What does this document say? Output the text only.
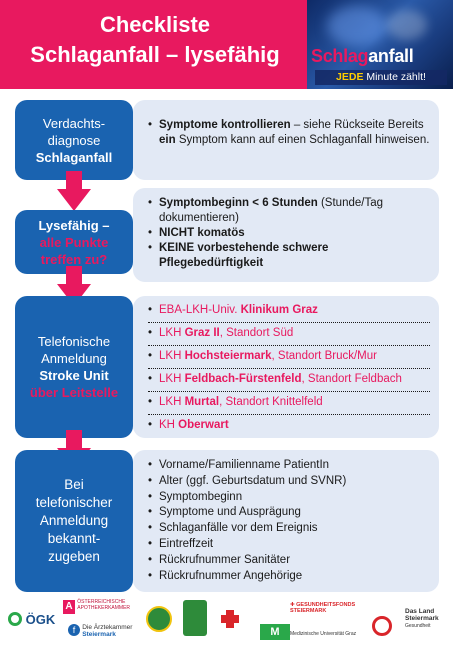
Checkliste
Schlaganfall – lysefähig	Schlaganfall
JEDE Minute zählt!
Verdachts-
diagnose
Schlaganfall
• Symptome kontrollieren – siehe Rückseite Bereits ein Symptom kann auf einen Schlaganfall hinweisen.
Lysefähig –
alle Punkte treffen zu?
• Symptombeginn < 6 Stunden (Stunde/Tag dokumentieren)
• NICHT komatös
• KEINE vorbestehende schwere Pflegebedürftigkeit
Telefonische
Anmeldung
Stroke Unit
über Leitstelle
• EBA-LKH-Univ. Klinikum Graz
• LKH Graz II, Standort Süd
• LKH Hochsteiermark, Standort Bruck/Mur
• LKH Feldbach-Fürstenfeld, Standort Feldbach
• LKH Murtal, Standort Knittelfeld
• KH Oberwart
Bei
telefonischer
Anmeldung
bekannt-
zugeben
• Vorname/Familienname PatientIn
• Alter (ggf. Geburtsdatum und SVNR)
• Symptombeginn
• Symptome und Ausprägung
• Schlaganfälle vor dem Ereignis
• Eintreffzeit
• Rückrufnummer Sanitäter
• Rückrufnummer Angehörige
ÖGK
A ÖSTERREICHISCHE APOTHEKERKAMMER
f Die Ärztekammer
Steiermark	M	Medizinische Universität Graz
✚ GESUNDHEITSFONDS STEIERMARK	Das Land
Steiermark
Gesundheit
